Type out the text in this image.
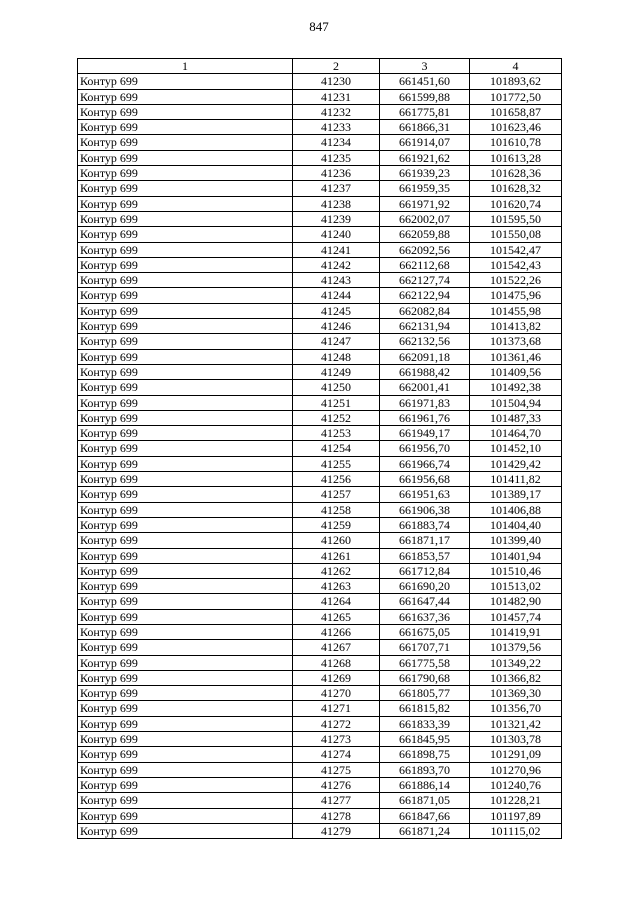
847
1	2	3	4
Контур 699	41230	661451,60	101893,62
Контур 699	41231	661599,88	101772,50
Контур 699	41232	661775,81	101658,87
Контур 699	41233	661866,31	101623,46
Контур 699	41234	661914,07	101610,78
Контур 699	41235	661921,62	101613,28
Контур 699	41236	661939,23	101628,36
Контур 699	41237	661959,35	101628,32
Контур 699	41238	661971,92	101620,74
Контур 699	41239	662002,07	101595,50
Контур 699	41240	662059,88	101550,08
Контур 699	41241	662092,56	101542,47
Контур 699	41242	662112,68	101542,43
Контур 699	41243	662127,74	101522,26
Контур 699	41244	662122,94	101475,96
Контур 699	41245	662082,84	101455,98
Контур 699	41246	662131,94	101413,82
Контур 699	41247	662132,56	101373,68
Контур 699	41248	662091,18	101361,46
Контур 699	41249	661988,42	101409,56
Контур 699	41250	662001,41	101492,38
Контур 699	41251	661971,83	101504,94
Контур 699	41252	661961,76	101487,33
Контур 699	41253	661949,17	101464,70
Контур 699	41254	661956,70	101452,10
Контур 699	41255	661966,74	101429,42
Контур 699	41256	661956,68	101411,82
Контур 699	41257	661951,63	101389,17
Контур 699	41258	661906,38	101406,88
Контур 699	41259	661883,74	101404,40
Контур 699	41260	661871,17	101399,40
Контур 699	41261	661853,57	101401,94
Контур 699	41262	661712,84	101510,46
Контур 699	41263	661690,20	101513,02
Контур 699	41264	661647,44	101482,90
Контур 699	41265	661637,36	101457,74
Контур 699	41266	661675,05	101419,91
Контур 699	41267	661707,71	101379,56
Контур 699	41268	661775,58	101349,22
Контур 699	41269	661790,68	101366,82
Контур 699	41270	661805,77	101369,30
Контур 699	41271	661815,82	101356,70
Контур 699	41272	661833,39	101321,42
Контур 699	41273	661845,95	101303,78
Контур 699	41274	661898,75	101291,09
Контур 699	41275	661893,70	101270,96
Контур 699	41276	661886,14	101240,76
Контур 699	41277	661871,05	101228,21
Контур 699	41278	661847,66	101197,89
Контур 699	41279	661871,24	101115,02
